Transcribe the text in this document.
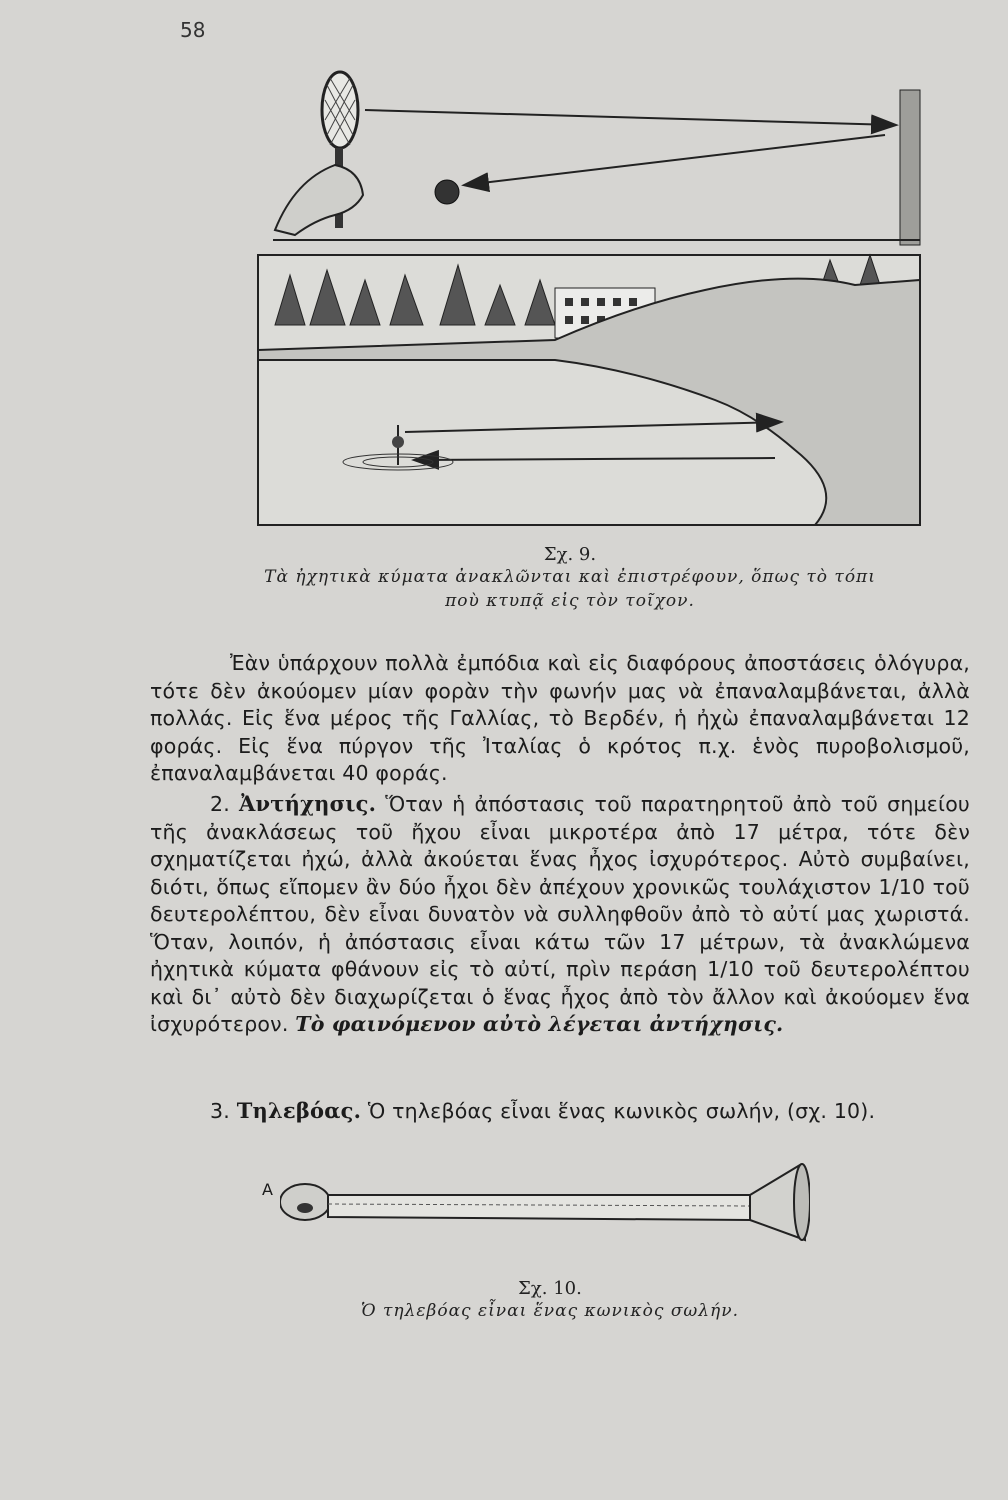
58
Σχ. 9.
Τὰ ἠχητικὰ κύματα ἀνακλῶνται καὶ ἐπιστρέφουν, ὅπως τὸ τόπι
ποὺ κτυπᾷ εἰς τὸν τοῖχον.
Ἐὰν ὑπάρχουν πολλὰ ἐμπόδια καὶ εἰς διαφόρους ἀποστάσεις ὁλόγυρα, τότε δὲν ἀκούομεν μίαν φορὰν τὴν φωνήν μας νὰ ἐπαναλαμβάνεται, ἀλλὰ πολλάς. Εἰς ἕνα μέρος τῆς Γαλλίας, τὸ Βερδέν, ἡ ἠχὼ ἐπαναλαμβάνεται 12 φοράς. Εἰς ἕνα πύργον τῆς Ἰταλίας ὁ κρότος π.χ. ἑνὸς πυροβολισμοῦ, ἐπαναλαμβάνεται 40 φοράς.
2. Ἀντήχησις. Ὅταν ἡ ἀπόστασις τοῦ παρατηρητοῦ ἀπὸ τοῦ σημείου τῆς ἀνακλάσεως τοῦ ἤχου εἶναι μικροτέρα ἀπὸ 17 μέτρα, τότε δὲν σχηματίζεται ἠχώ, ἀλλὰ ἀκούεται ἕνας ἦχος ἰσχυρότερος. Αὐτὸ συμβαίνει, διότι, ὅπως εἴπομεν ἂν δύο ἦχοι δὲν ἀπέχουν χρονικῶς τουλάχιστον 1/10 τοῦ δευτερολέπτου, δὲν εἶναι δυνατὸν νὰ συλληφθοῦν ἀπὸ τὸ αὐτί μας χωριστά. Ὅταν, λοιπόν, ἡ ἀπόστασις εἶναι κάτω τῶν 17 μέτρων, τὰ ἀνακλώμενα ἠχητικὰ κύματα φθάνουν εἰς τὸ αὐτί, πρὶν περάση 1/10 τοῦ δευτερολέπτου καὶ δι᾿ αὐτὸ δὲν διαχωρίζεται ὁ ἕνας ἦχος ἀπὸ τὸν ἄλλον καὶ ἀκούομεν ἕνα ἰσχυρότερον. Τὸ φαινόμενον αὐτὸ λέγεται ἀντήχησις.
3. Τηλεβόας. Ὁ τηλεβόας εἶναι ἕνας κωνικὸς σωλήν, (σχ. 10).
A
Σχ. 10.
Ὁ τηλεβόας εἶναι ἕνας κωνικὸς σωλήν.
